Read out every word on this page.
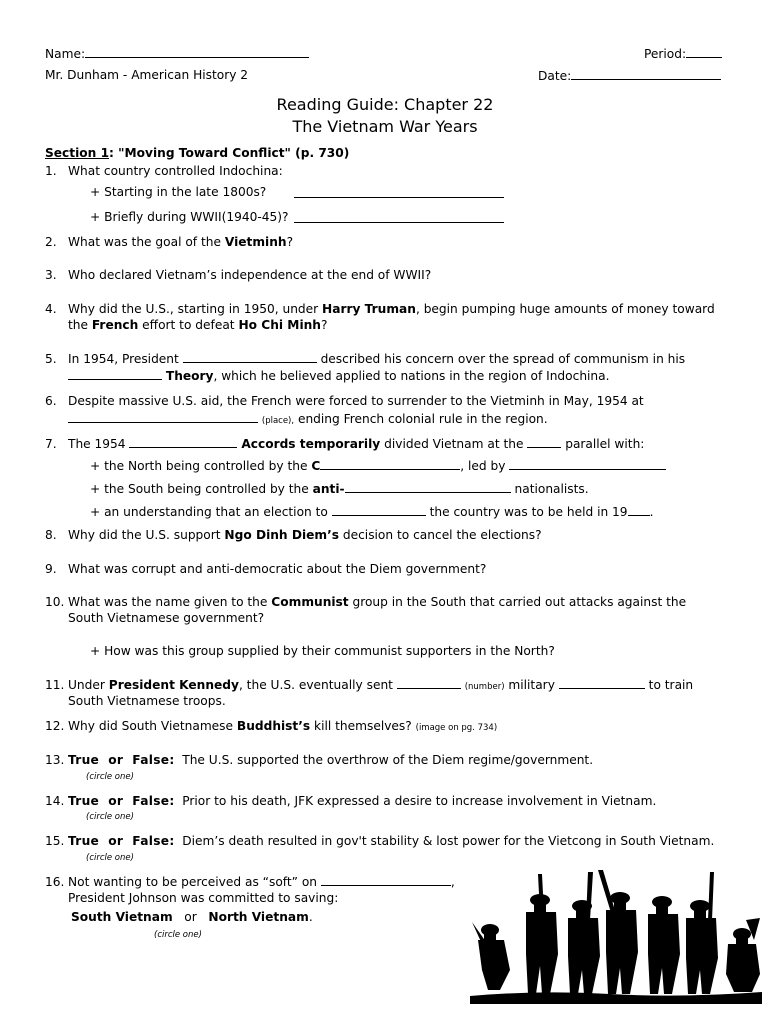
Name:	Period:
Mr. Dunham - American History 2	Date:
Reading Guide: Chapter 22
The Vietnam War Years
Section 1: "Moving Toward Conflict" (p. 730)
1. What country controlled Indochina:
+ Starting in the late 1800s?
+ Briefly during WWII(1940-45)?
2. What was the goal of the Vietminh?
3. Who declared Vietnam’s independence at the end of WWII?
4. Why did the U.S., starting in 1950, under Harry Truman, begin pumping huge amounts of money toward
the French effort to defeat Ho Chi Minh?
5. In 1954, President	described his concern over the spread of communism in his
Theory, which he believed applied to nations in the region of Indochina.
6. Despite massive U.S. aid, the French were forced to surrender to the Vietminh in May, 1954 at
(place), ending French colonial rule in the region.
7. The 1954	Accords temporarily divided Vietnam at the	parallel with:
+ the North being controlled by the C	, led by
+ the South being controlled by the anti-	nationalists.
+ an understanding that an election to	the country was to be held in 19 .
8. Why did the U.S. support Ngo Dinh Diem’s decision to cancel the elections?
9. What was corrupt and anti-democratic about the Diem government?
10. What was the name given to the Communist group in the South that carried out attacks against the
South Vietnamese government?
+ How was this group supplied by their communist supporters in the North?
11. Under President Kennedy, the U.S. eventually sent	(number) military	to train
South Vietnamese troops.
12. Why did South Vietnamese Buddhist’s kill themselves? (image on pg. 734)
13. True  or  False: The U.S. supported the overthrow of the Diem regime/government.
(circle one)
14. True  or  False: Prior to his death, JFK expressed a desire to increase involvement in Vietnam.
(circle one)
15. True  or  False: Diem’s death resulted in gov't stability & lost power for the Vietcong in South Vietnam.
(circle one)
16. Not wanting to be perceived as “soft” on	,
President Johnson was committed to saving:
South Vietnam or North Vietnam.
(circle one)
